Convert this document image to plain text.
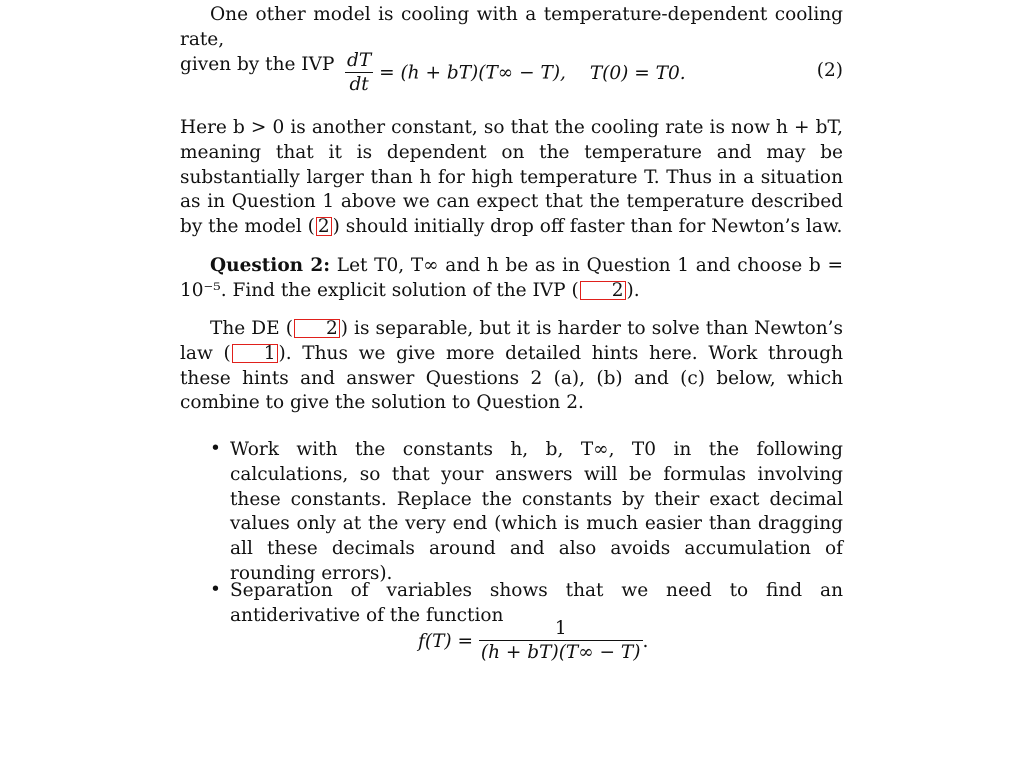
One other model is cooling with a temperature-dependent cooling rate,
given by the IVP $\frac{dT}{dt} = (h + bT)(T\infty - T)$, T(0) = T0.	(2)
Here b > 0 is another constant, so that the cooling rate is now h + bT, meaning that it is dependent on the temperature and may be substantially larger than h for high temperature T. Thus in a situation as in Question 1 above we can expect that the temperature described by the model ( 2 ) should initially drop off faster than for Newton’s law.
Question 2: Let T0, T∞ and h be as in Question 1 and choose b = 10⁻⁵. Find the explicit solution of the IVP ( 2 ).
The DE ( 2 ) is separable, but it is harder to solve than Newton’s law ( 1 ). Thus we give more detailed hints here. Work through these hints and answer Questions 2 (a), (b) and (c) below, which combine to give the solution to Question 2.
• Work with the constants h, b, T∞, T0 in the following calculations, so that your answers will be formulas involving these constants. Replace the constants by their exact decimal values only at the very end (which is much easier than dragging all these decimals around and also avoids accumulation of rounding errors).
• Separation of variables shows that we need to find an antiderivative of the function
$f(T) = \frac{1}{(h + bT)(T\infty - T)}$ .
